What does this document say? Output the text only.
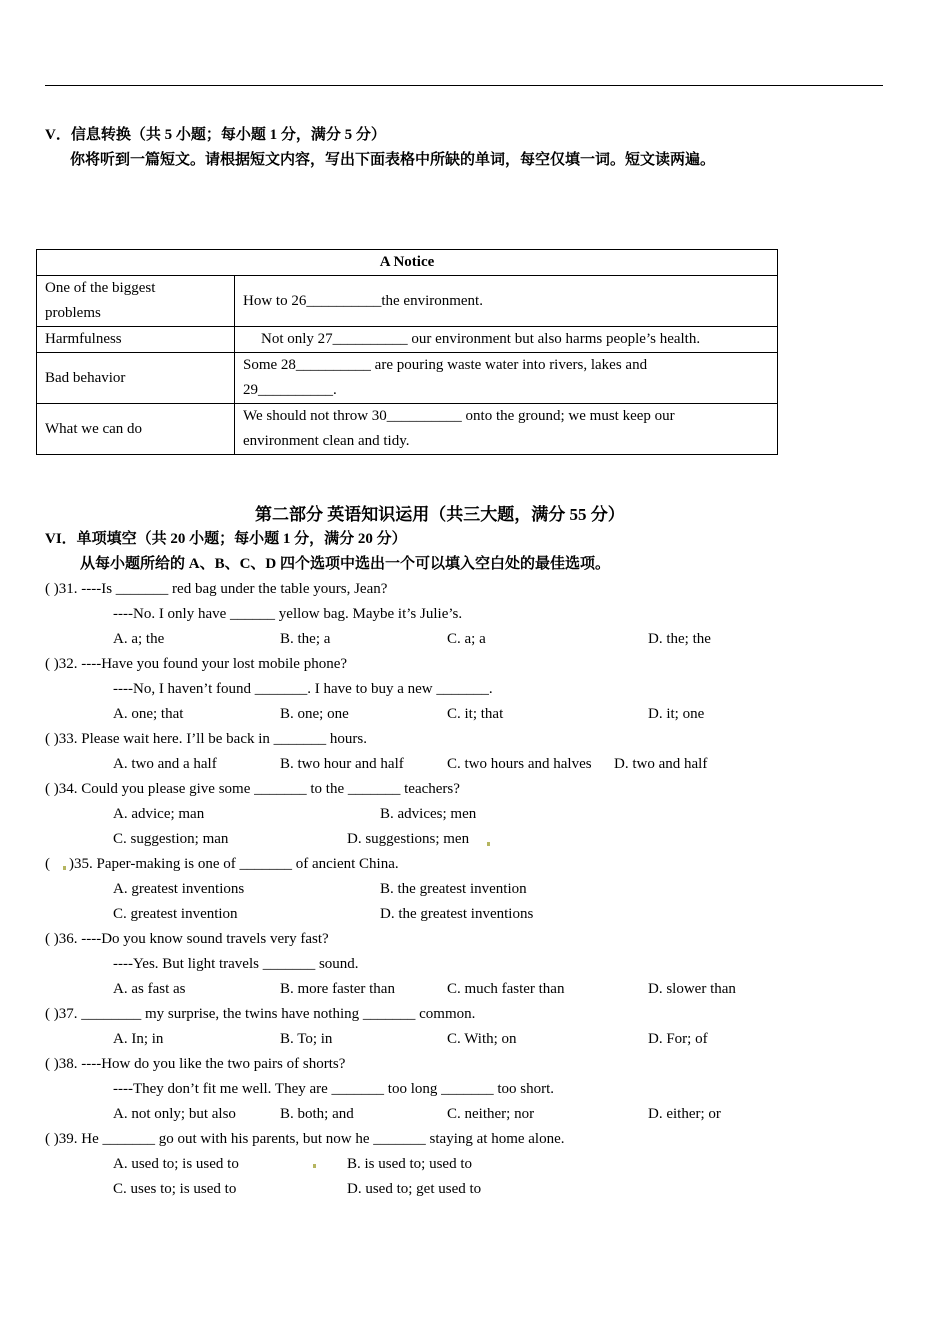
V．信息转换（共 5 小题；每小题 1 分，满分 5 分）
你将听到一篇短文。请根据短文内容，写出下面表格中所缺的单词，每空仅填一词。短文读两遍。
A Notice	
One of the biggest
problems	How to 26__________the environment.
Harmfulness	Not only 27__________ our environment but also harms people’s health.
Bad behavior	Some 28__________ are pouring waste water into rivers, lakes and
29__________.
What we can do	We should not throw 30__________ onto the ground; we must keep our
environment clean and tidy.
第二部分 英语知识运用（共三大题，满分 55 分）
VI．单项填空（共 20 小题；每小题 1 分，满分 20 分）
从每小题所给的 A、B、C、D 四个选项中选出一个可以填入空白处的最佳选项。
( )31. ----Is _______ red bag under the table yours, Jean?
----No. I only have ______ yellow bag. Maybe it’s Julie’s.
A. a; the	B. the; a	C. a; a	D. the; the
( )32. ----Have you found your lost mobile phone?
----No, I haven’t found _______. I have to buy a new _______.
A. one; that	B. one; one	C. it; that	D. it; one
( )33. Please wait here. I’ll be back in _______ hours.
A. two and a half	B. two hour and half	C. two hours and halves D. two and half
( )34. Could you please give some _______ to the _______ teachers?
A. advice; man	B. advices; men
C. suggestion; man	D. suggestions; men
( )35. Paper-making is one of _______ of ancient China.
A. greatest inventions	B. the greatest invention
C. greatest invention	D. the greatest inventions
( )36. ----Do you know sound travels very fast?
----Yes. But light travels _______ sound.
A. as fast as	B. more faster than	C. much faster than	D. slower than
( )37. ________ my surprise, the twins have nothing _______ common.
A. In; in	B. To; in	C. With; on	D. For; of
( )38. ----How do you like the two pairs of shorts?
----They don’t fit me well. They are _______ too long _______ too short.
A. not only; but also	B. both; and	C. neither; nor	D. either; or
( )39. He _______ go out with his parents, but now he _______ staying at home alone.
A. used to; is used to	B. is used to; used to
C. uses to; is used to	D. used to; get used to
